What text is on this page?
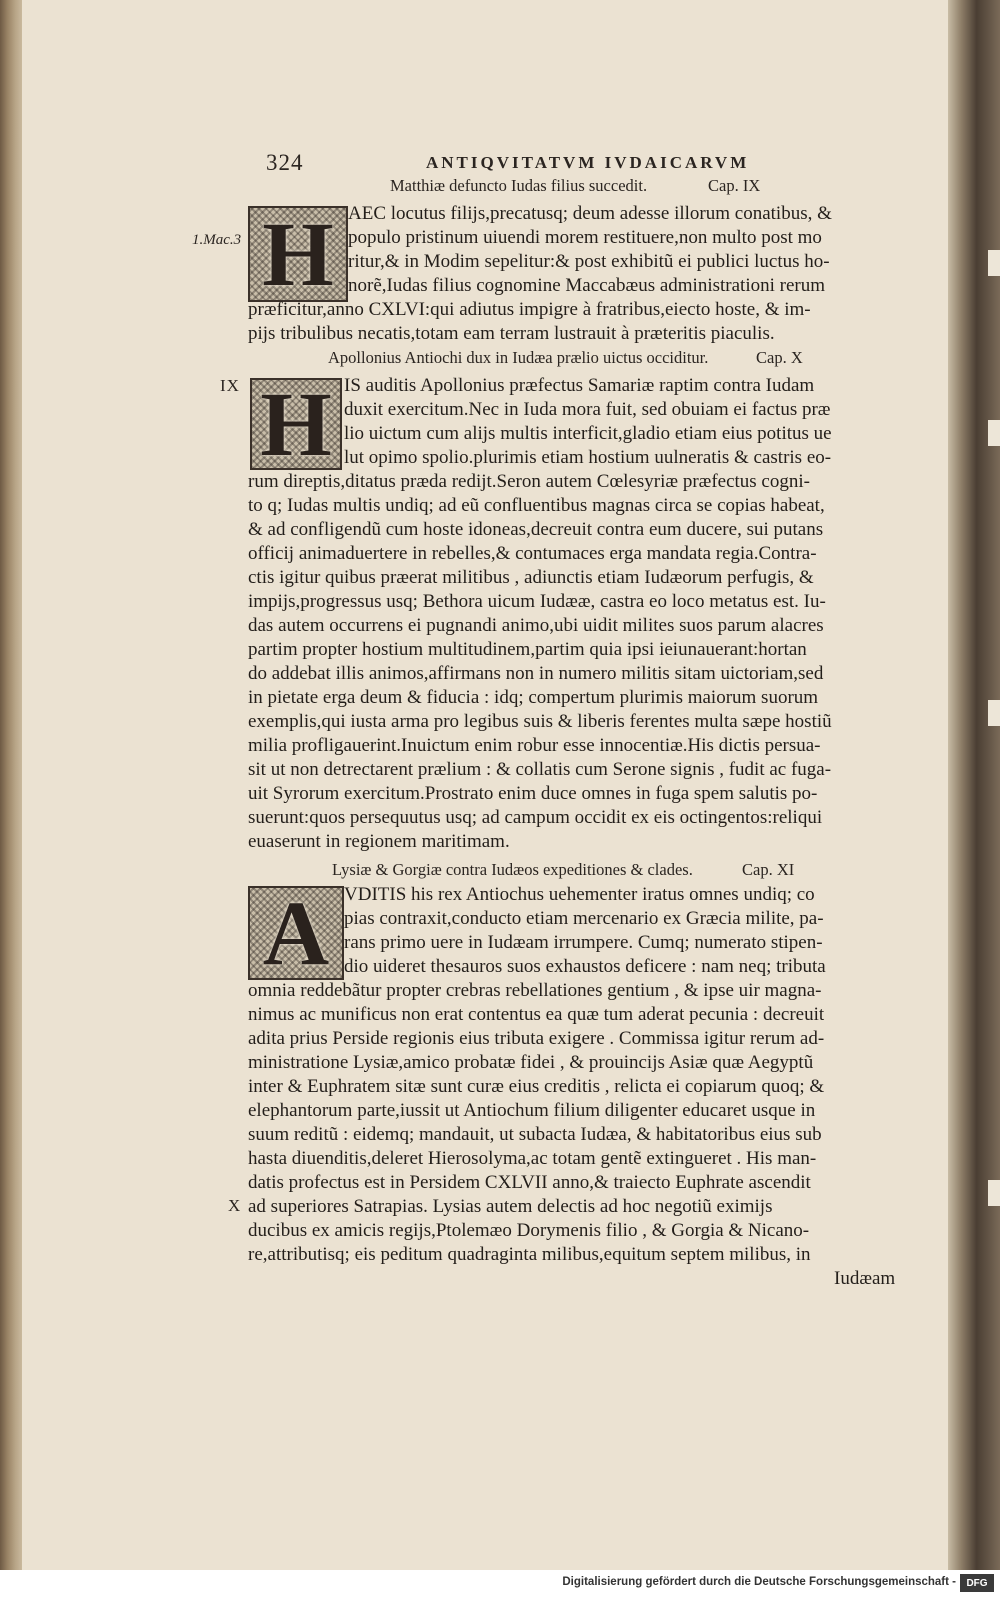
324	ANTIQVITATVM IVDAICARVM
Matthiæ defuncto Iudas filius succedit.	Cap. IX
1.Mac.3 H AEC locutus filijs,precatusq; deum adesse illorum conatibus, &
populo pristinum uiuendi morem restituere,non multo post mo
ritur,& in Modim sepelitur:& post exhibitũ ei publici luctus ho-
norẽ,Iudas filius cognomine Maccabæus administrationi rerum
præficitur,anno CXLVI:qui adiutus impigre à fratribus,eiecto hoste, & im-
pijs tribulibus necatis,totam eam terram lustrauit à præteritis piaculis.
Apollonius Antiochi dux in Iudæa prælio uictus occiditur.	Cap. X
IX H IS auditis Apollonius præfectus Samariæ raptim contra Iudam
duxit exercitum.Nec in Iuda mora fuit, sed obuiam ei factus præ
lio uictum cum alijs multis interficit,gladio etiam eius potitus ue
lut opimo spolio.plurimis etiam hostium uulneratis & castris eo-
rum direptis,ditatus præda redijt.Seron autem Cœlesyriæ præfectus cogni-
to q; Iudas multis undiq; ad eũ confluentibus magnas circa se copias habeat,
& ad confligendũ cum hoste idoneas,decreuit contra eum ducere, sui putans
officij animaduertere in rebelles,& contumaces erga mandata regia.Contra-
ctis igitur quibus præerat militibus , adiunctis etiam Iudæorum perfugis, &
impijs,progressus usq; Bethora uicum Iudææ, castra eo loco metatus est. Iu-
das autem occurrens ei pugnandi animo,ubi uidit milites suos parum alacres
partim propter hostium multitudinem,partim quia ipsi ieiunauerant:hortan
do addebat illis animos,affirmans non in numero militis sitam uictoriam,sed
in pietate erga deum & fiducia : idq; compertum plurimis maiorum suorum
exemplis,qui iusta arma pro legibus suis & liberis ferentes multa sæpe hostiũ
milia profligauerint.Inuictum enim robur esse innocentiæ.His dictis persua-
sit ut non detrectarent prælium : & collatis cum Serone signis , fudit ac fuga-
uit Syrorum exercitum.Prostrato enim duce omnes in fuga spem salutis po-
suerunt:quos persequutus usq; ad campum occidit ex eis octingentos:reliqui
euaserunt in regionem maritimam.
Lysiæ & Gorgiæ contra Iudæos expeditiones & clades.	Cap. XI
A
X
VDITIS his rex Antiochus uehementer iratus omnes undiq; co
pias contraxit,conducto etiam mercenario ex Græcia milite, pa-
rans primo uere in Iudæam irrumpere. Cumq; numerato stipen-
dio uideret thesauros suos exhaustos deficere : nam neq; tributa
omnia reddebãtur propter crebras rebellationes gentium , & ipse uir magna-
nimus ac munificus non erat contentus ea quæ tum aderat pecunia : decreuit
adita prius Perside regionis eius tributa exigere . Commissa igitur rerum ad-
ministratione Lysiæ,amico probatæ fidei , & prouincijs Asiæ quæ Aegyptũ
inter & Euphratem sitæ sunt curæ eius creditis , relicta ei copiarum quoq; &
elephantorum parte,iussit ut Antiochum filium diligenter educaret usque in
suum reditũ : eidemq; mandauit, ut subacta Iudæa, & habitatoribus eius sub
hasta diuenditis,deleret Hierosolyma,ac totam gentẽ extingueret . His man-
datis profectus est in Persidem CXLVII anno,& traiecto Euphrate ascendit
ad superiores Satrapias. Lysias autem delectis ad hoc negotiũ eximijs
ducibus ex amicis regijs,Ptolemæo Dorymenis filio , & Gorgia & Nicano-
re,attributisq; eis peditum quadraginta milibus,equitum septem milibus, in
Iudæam
Digitalisierung gefördert durch die Deutsche Forschungsgemeinschaft -	DFG
